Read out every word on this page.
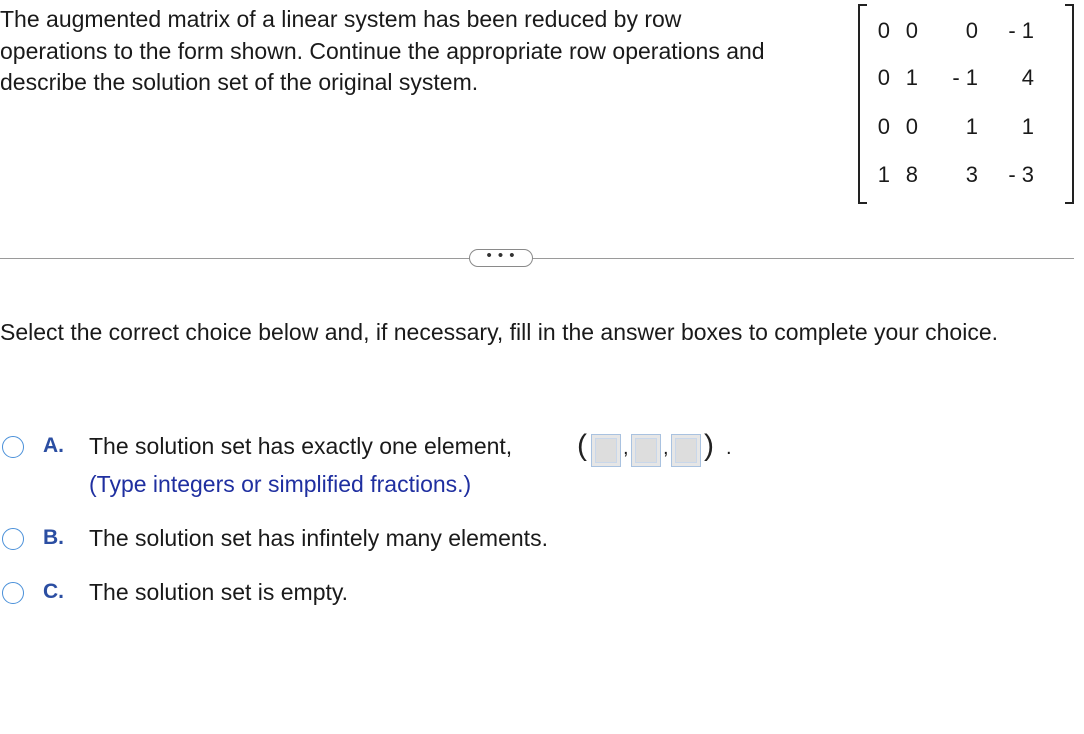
The augmented matrix of a linear system has been reduced by row operations to the form shown. Continue the appropriate row operations and describe the solution set of the original system.

0 0	0	- 1
0 1	- 1	4
0 0	1	1
1 8	3	- 3
• • •

Select the correct choice below and, if necessary, fill in the answer boxes to complete your choice.

A. The solution set has exactly one element, ( , , ) .
(Type integers or simplified fractions.)
B. The solution set has infintely many elements.
C. The solution set is empty.
